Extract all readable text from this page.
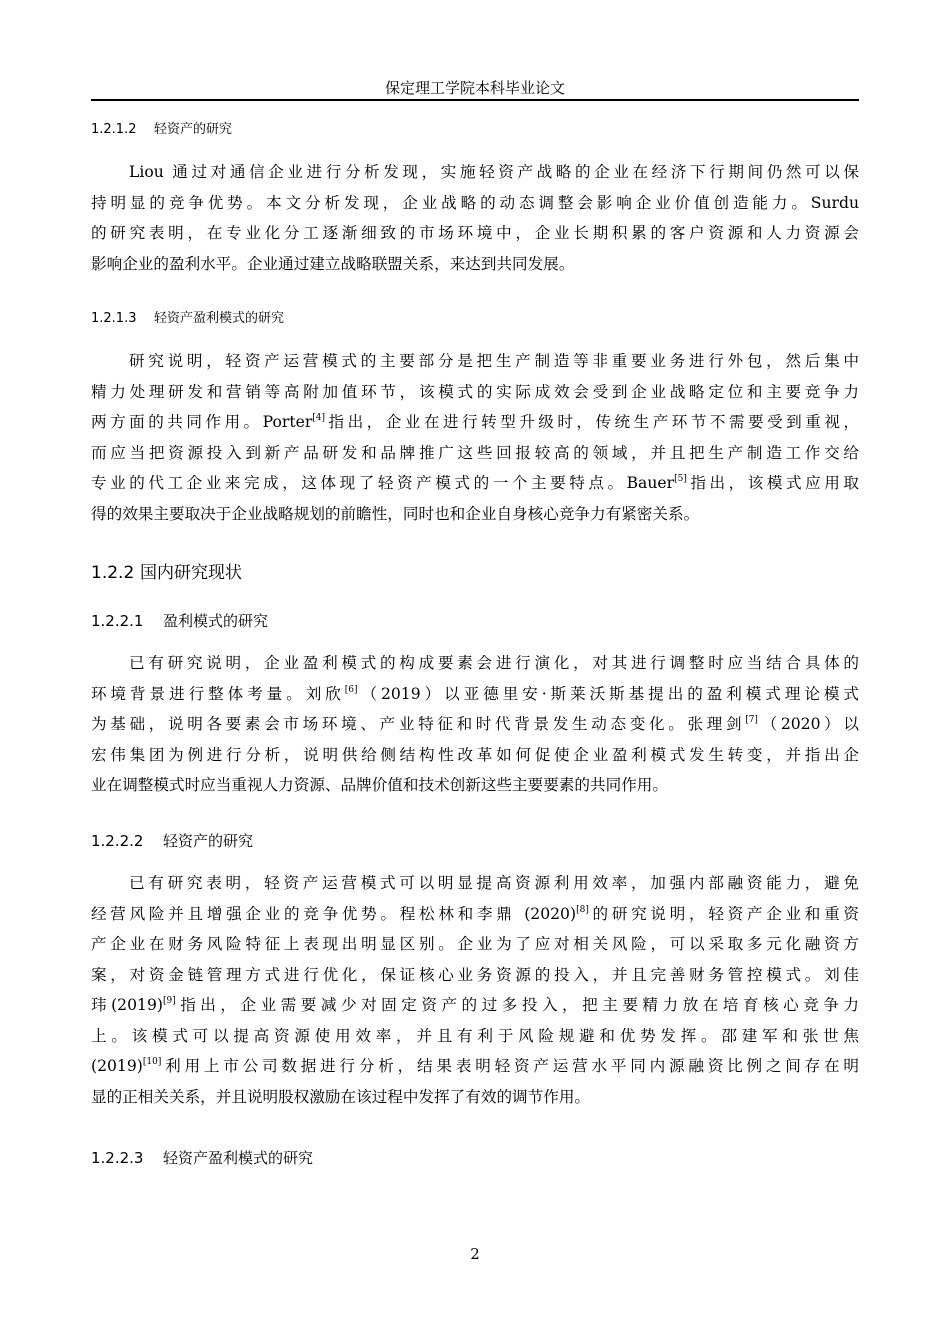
保定理工学院本科毕业论文
1.2.1.2 轻资产的研究
Liou 通过对通信企业进行分析发现，实施轻资产战略的企业在经济下行期间仍然可以保
持明显的竞争优势。本文分析发现，企业战略的动态调整会影响企业价值创造能力。Surdu
的研究表明，在专业化分工逐渐细致的市场环境中，企业长期积累的客户资源和人力资源会
影响企业的盈利水平。企业通过建立战略联盟关系，来达到共同发展。
1.2.1.3 轻资产盈利模式的研究
研究说明，轻资产运营模式的主要部分是把生产制造等非重要业务进行外包，然后集中
精力处理研发和营销等高附加值环节，该模式的实际成效会受到企业战略定位和主要竞争力
两方面的共同作用。Porter[4]指出，企业在进行转型升级时，传统生产环节不需要受到重视，
而应当把资源投入到新产品研发和品牌推广这些回报较高的领域，并且把生产制造工作交给
专业的代工企业来完成，这体现了轻资产模式的一个主要特点。Bauer[5]指出，该模式应用取
得的效果主要取决于企业战略规划的前瞻性，同时也和企业自身核心竞争力有紧密关系。
1.2.2 国内研究现状
1.2.2.1 盈利模式的研究
已有研究说明，企业盈利模式的构成要素会进行演化，对其进行调整时应当结合具体的
环境背景进行整体考量。刘欣[6]（2019）以亚德里安·斯莱沃斯基提出的盈利模式理论模式
为基础，说明各要素会市场环境、产业特征和时代背景发生动态变化。张理剑[7]（2020）以
宏伟集团为例进行分析，说明供给侧结构性改革如何促使企业盈利模式发生转变，并指出企
业在调整模式时应当重视人力资源、品牌价值和技术创新这些主要要素的共同作用。
1.2.2.2 轻资产的研究
已有研究表明，轻资产运营模式可以明显提高资源利用效率，加强内部融资能力，避免
经营风险并且增强企业的竞争优势。程松林和李鼎 (2020)[8]的研究说明，轻资产企业和重资
产企业在财务风险特征上表现出明显区别。企业为了应对相关风险，可以采取多元化融资方
案，对资金链管理方式进行优化，保证核心业务资源的投入，并且完善财务管控模式。刘佳
玮(2019)[9]指出，企业需要减少对固定资产的过多投入，把主要精力放在培育核心竞争力
上。该模式可以提高资源使用效率，并且有利于风险规避和优势发挥。邵建军和张世焦
(2019)[10]利用上市公司数据进行分析，结果表明轻资产运营水平同内源融资比例之间存在明
显的正相关关系，并且说明股权激励在该过程中发挥了有效的调节作用。
1.2.2.3 轻资产盈利模式的研究
2
